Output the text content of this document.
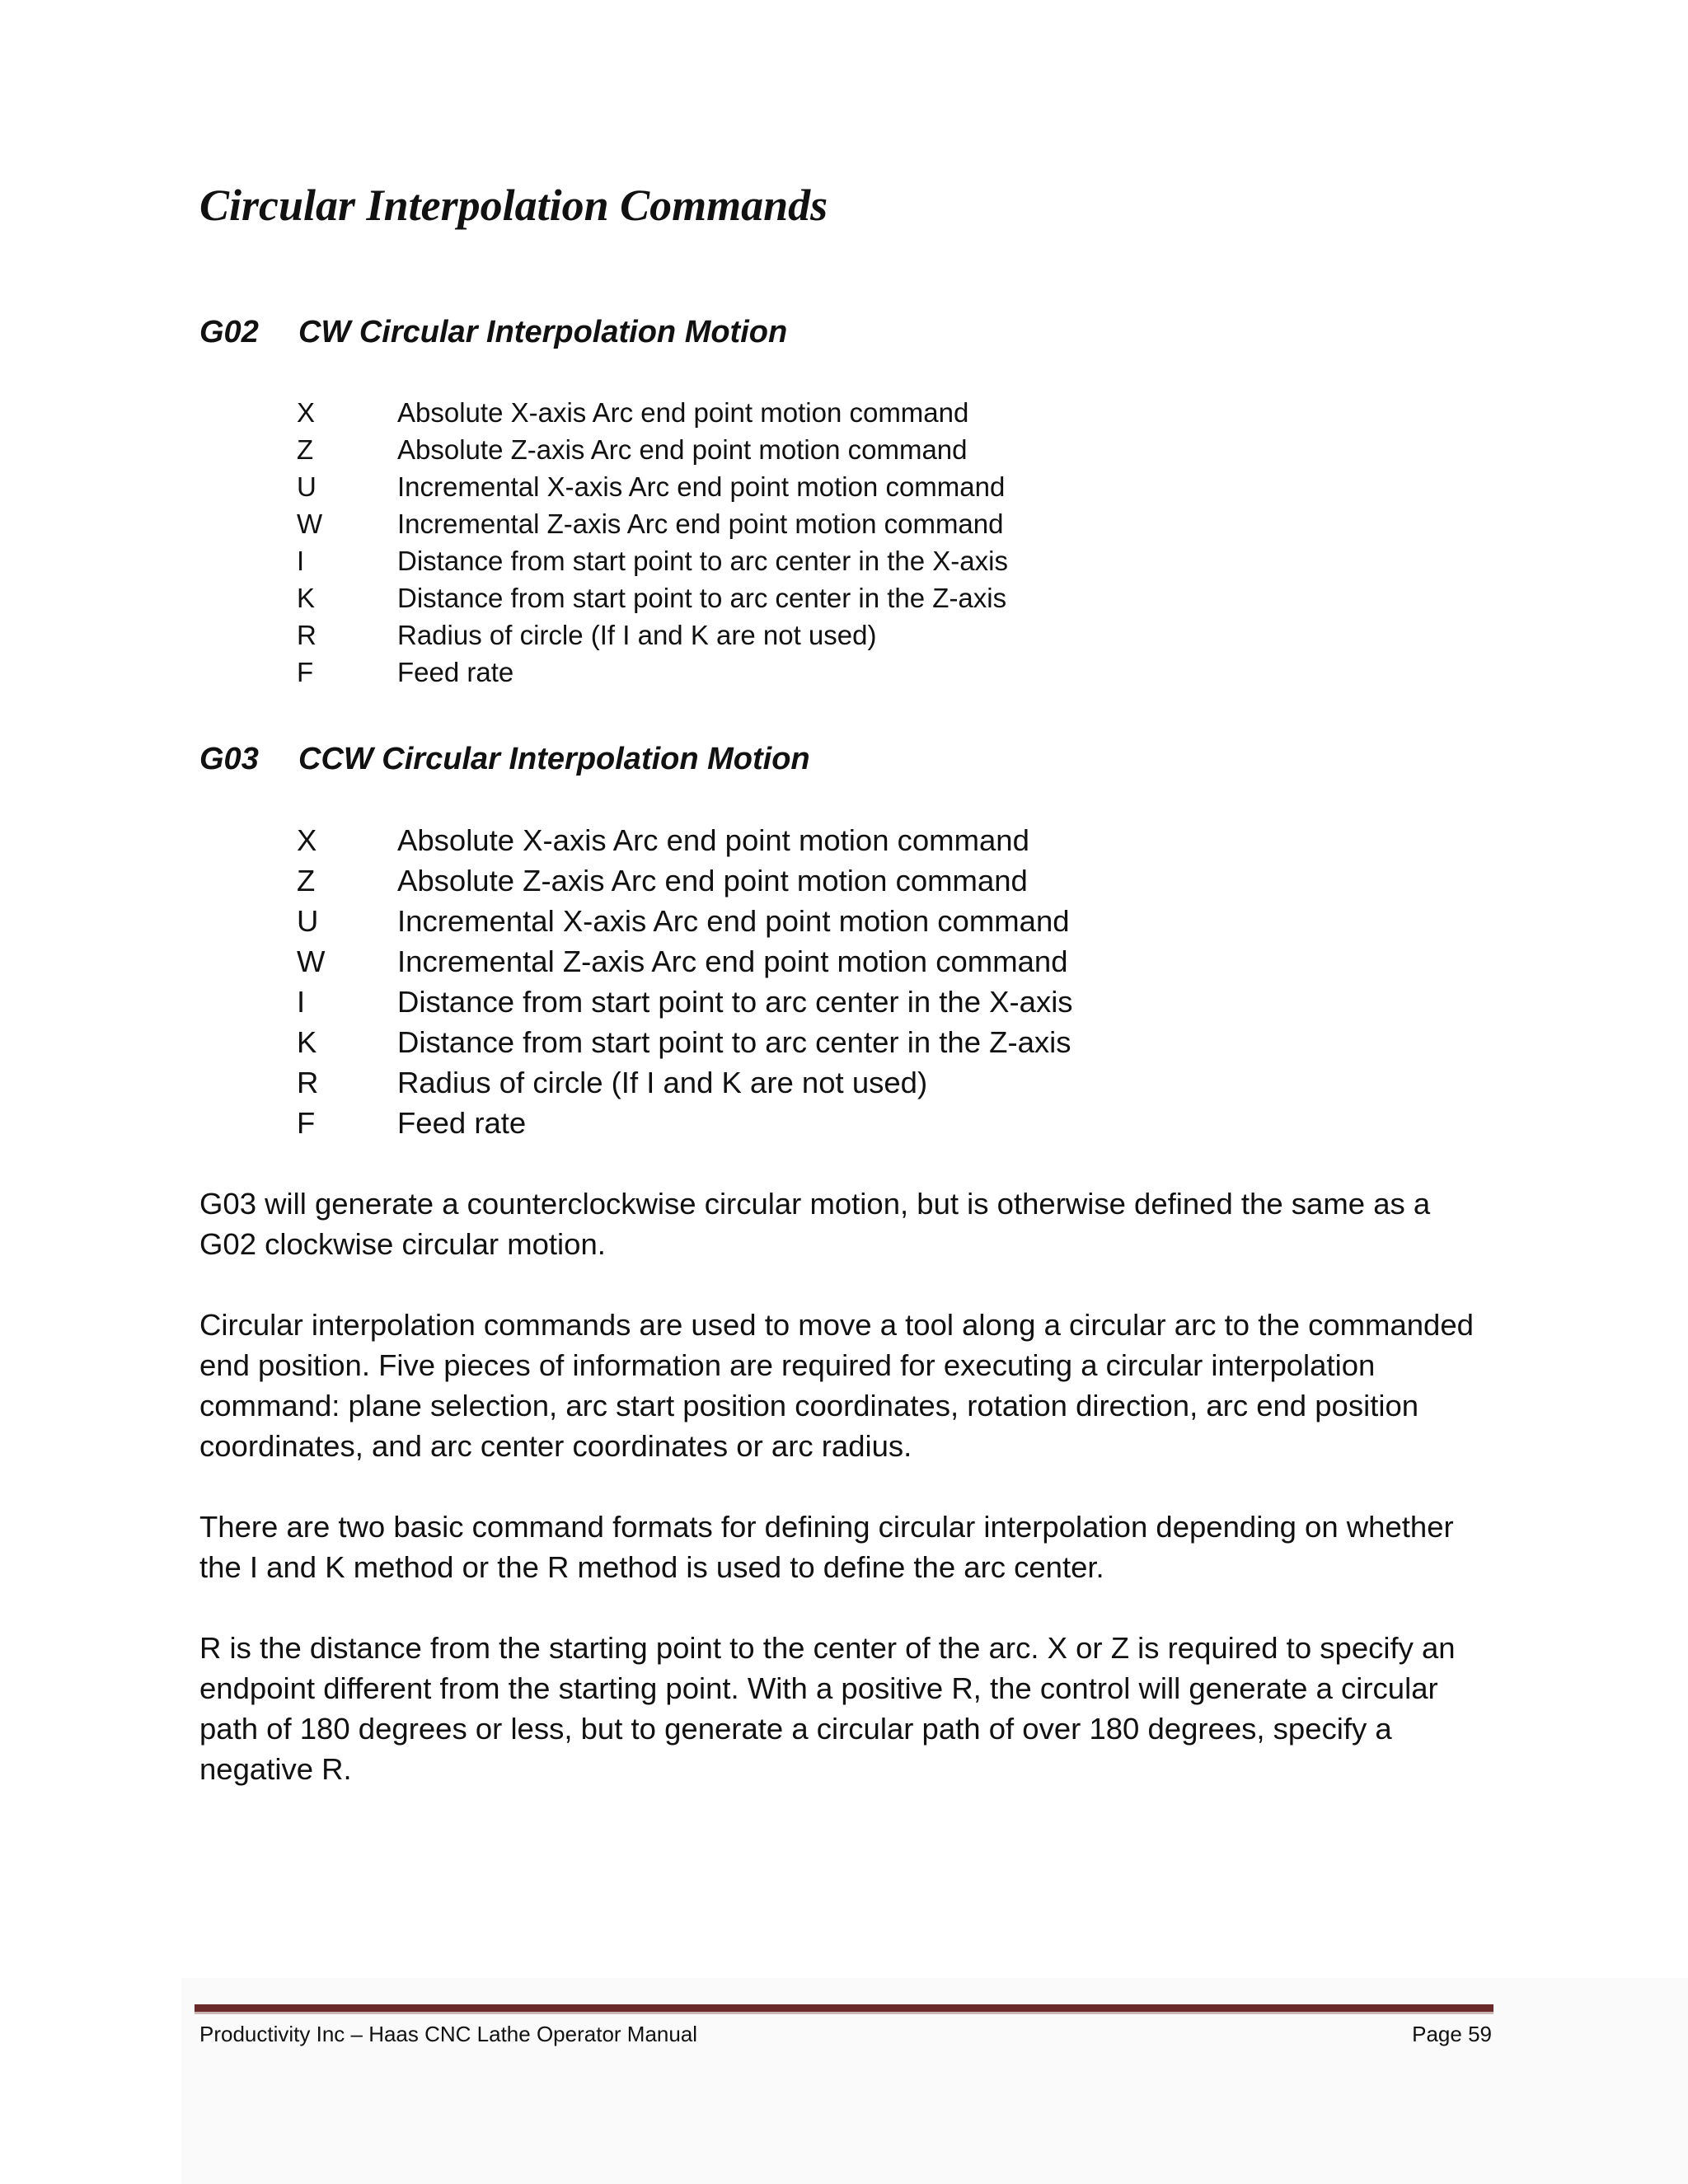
Circular Interpolation Commands
G02 CW Circular Interpolation Motion
X	Absolute X-axis Arc end point motion command
Z	Absolute Z-axis Arc end point motion command
U	Incremental X-axis Arc end point motion command
W	Incremental Z-axis Arc end point motion command
I	Distance from start point to arc center in the X-axis
K	Distance from start point to arc center in the Z-axis
R	Radius of circle (If I and K are not used)
F	Feed rate
G03 CCW Circular Interpolation Motion
X	Absolute X-axis Arc end point motion command
Z	Absolute Z-axis Arc end point motion command
U	Incremental X-axis Arc end point motion command
W Incremental Z-axis Arc end point motion command
I	Distance from start point to arc center in the X-axis
K	Distance from start point to arc center in the Z-axis
R	Radius of circle (If I and K are not used)
F	Feed rate

G03 will generate a counterclockwise circular motion, but is otherwise defined the same as a
G02 clockwise circular motion.

Circular interpolation commands are used to move a tool along a circular arc to the commanded
end position. Five pieces of information are required for executing a circular interpolation
command: plane selection, arc start position coordinates, rotation direction, arc end position
coordinates, and arc center coordinates or arc radius.

There are two basic command formats for defining circular interpolation depending on whether
the I and K method or the R method is used to define the arc center.

R is the distance from the starting point to the center of the arc. X or Z is required to specify an
endpoint different from the starting point. With a positive R, the control will generate a circular
path of 180 degrees or less, but to generate a circular path of over 180 degrees, specify a
negative R.

Productivity Inc – Haas CNC Lathe Operator Manual	Page 59
